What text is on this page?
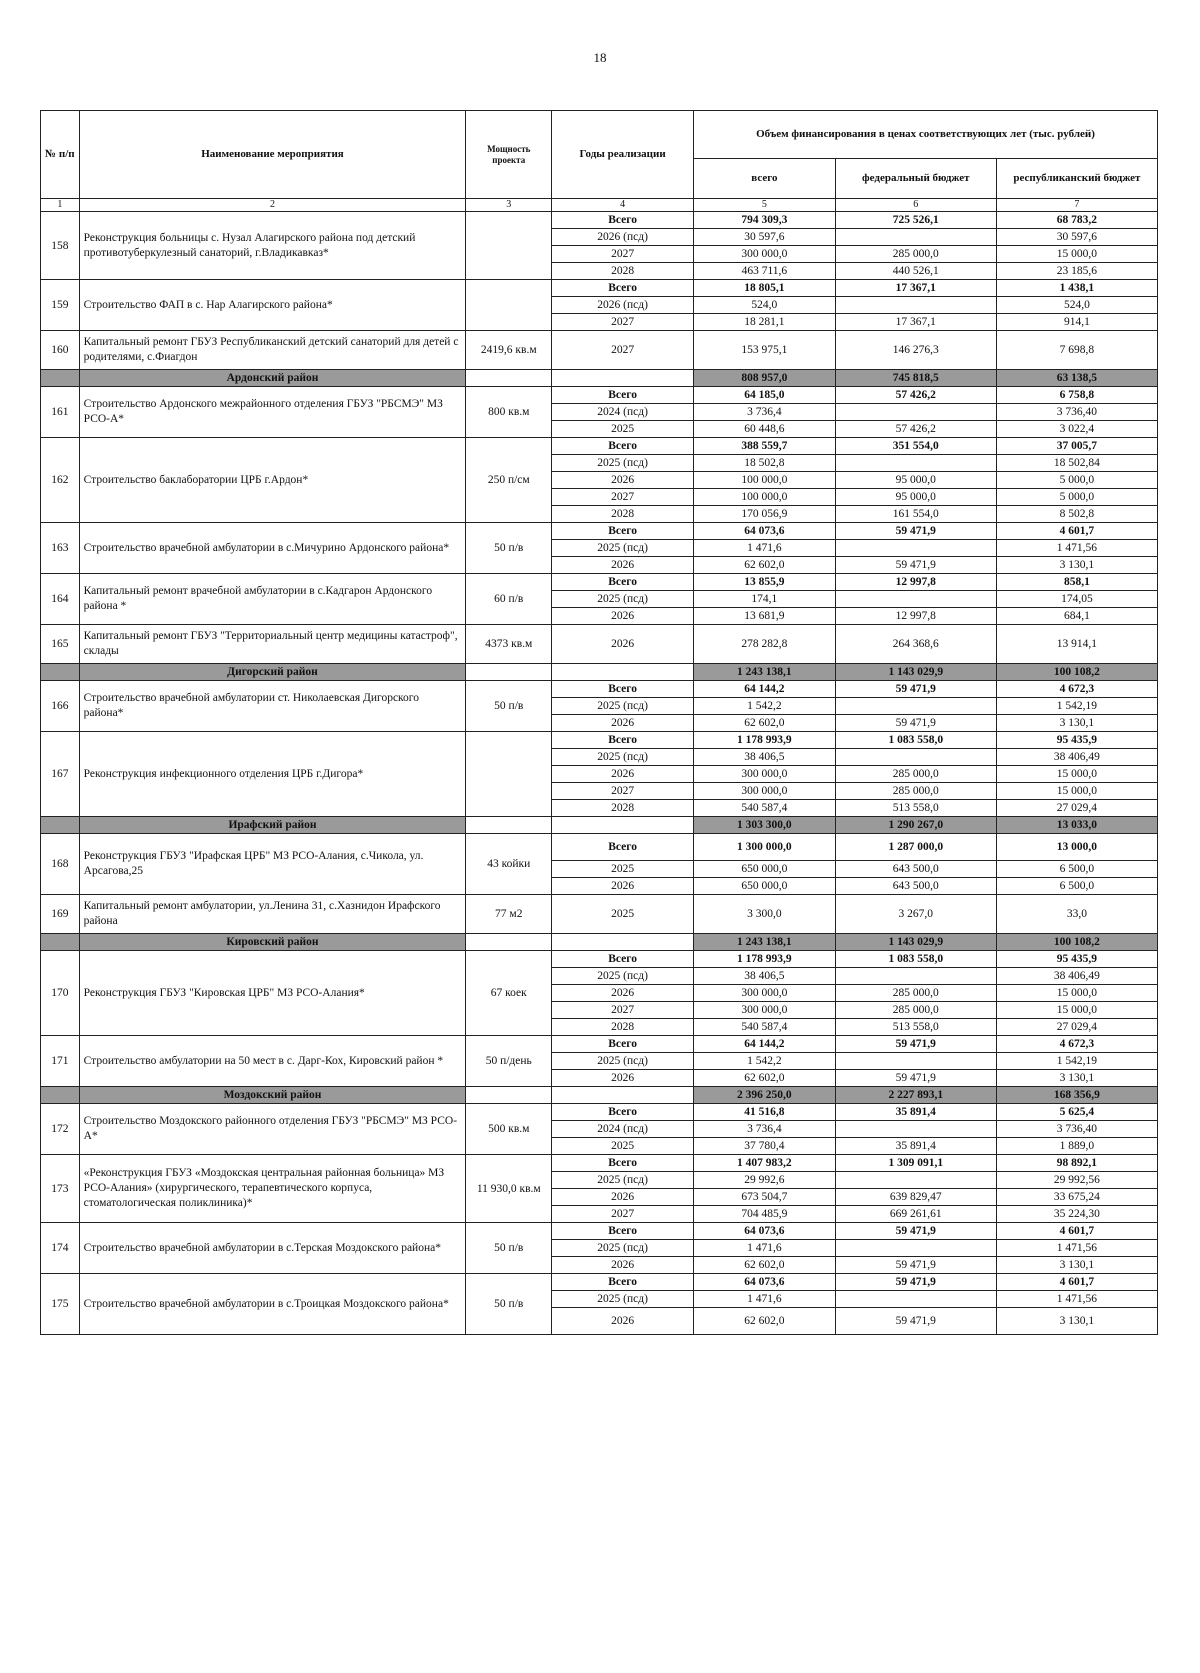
18
№ п/п	Наименование мероприятия	Мощность проекта	Годы реализации	Объем финансирования в ценах соответствующих лет (тыс. рублей)		
				всего	федеральный бюджет	республиканский бюджет
1	2	3	4	5	6	7
158	Реконструкция больницы с. Нузал Алагирского района под детский противотуберкулезный санаторий, г.Владикавказ*		Всего	794 309,3	725 526,1	68 783,2
			2026 (псд)	30 597,6		30 597,6
			2027	300 000,0	285 000,0	15 000,0
			2028	463 711,6	440 526,1	23 185,6
159	Строительство ФАП в с. Нар Алагирского района*		Всего	18 805,1	17 367,1	1 438,1
			2026 (псд)	524,0		524,0
			2027	18 281,1	17 367,1	914,1
160	Капитальный ремонт ГБУЗ Республиканский детский санаторий для детей с родителями, с.Фиагдон	2419,6 кв.м	2027	153 975,1	146 276,3	7 698,8
	Ардонский район			808 957,0	745 818,5	63 138,5
161	Строительство Ардонского межрайонного отделения ГБУЗ "РБСМЭ" МЗ РСО-А*	800 кв.м	Всего	64 185,0	57 426,2	6 758,8
			2024 (псд)	3 736,4		3 736,40
			2025	60 448,6	57 426,2	3 022,4
162	Строительство баклаборатории ЦРБ г.Ардон*	250 п/см	Всего	388 559,7	351 554,0	37 005,7
			2025 (псд)	18 502,8		18 502,84
			2026	100 000,0	95 000,0	5 000,0
			2027	100 000,0	95 000,0	5 000,0
			2028	170 056,9	161 554,0	8 502,8
163	Строительство врачебной амбулатории в с.Мичурино Ардонского района*	50 п/в	Всего	64 073,6	59 471,9	4 601,7
			2025 (псд)	1 471,6		1 471,56
			2026	62 602,0	59 471,9	3 130,1
164	Капитальный ремонт врачебной амбулатории в с.Кадгарон Ардонского района *	60 п/в	Всего	13 855,9	12 997,8	858,1
			2025 (псд)	174,1		174,05
			2026	13 681,9	12 997,8	684,1
165	Капитальный ремонт ГБУЗ "Территориальный центр медицины катастроф", склады	4373 кв.м	2026	278 282,8	264 368,6	13 914,1
	Дигорский район			1 243 138,1	1 143 029,9	100 108,2
166	Строительство врачебной амбулатории ст. Николаевская Дигорского района*	50 п/в	Всего	64 144,2	59 471,9	4 672,3
			2025 (псд)	1 542,2		1 542,19
			2026	62 602,0	59 471,9	3 130,1
167	Реконструкция инфекционного отделения ЦРБ г.Дигора*		Всего	1 178 993,9	1 083 558,0	95 435,9
			2025 (псд)	38 406,5		38 406,49
			2026	300 000,0	285 000,0	15 000,0
			2027	300 000,0	285 000,0	15 000,0
			2028	540 587,4	513 558,0	27 029,4
	Ирафский район			1 303 300,0	1 290 267,0	13 033,0
168	Реконструкция ГБУЗ "Ирафская ЦРБ" МЗ РСО-Алания, с.Чикола, ул. Арсагова,25	43 койки	Всего	1 300 000,0	1 287 000,0	13 000,0
			2025	650 000,0	643 500,0	6 500,0
			2026	650 000,0	643 500,0	6 500,0
169	Капитальный ремонт амбулатории, ул.Ленина 31, с.Хазнидон Ирафского района	77 м2	2025	3 300,0	3 267,0	33,0
	Кировский район			1 243 138,1	1 143 029,9	100 108,2
170	Реконструкция ГБУЗ "Кировская ЦРБ" МЗ РСО-Алания*	67 коек	Всего	1 178 993,9	1 083 558,0	95 435,9
			2025 (псд)	38 406,5		38 406,49
			2026	300 000,0	285 000,0	15 000,0
			2027	300 000,0	285 000,0	15 000,0
			2028	540 587,4	513 558,0	27 029,4
171	Строительство амбулатории на 50 мест в с. Дарг-Кох, Кировский район *	50 п/день	Всего	64 144,2	59 471,9	4 672,3
			2025 (псд)	1 542,2		1 542,19
			2026	62 602,0	59 471,9	3 130,1
	Моздокский район			2 396 250,0	2 227 893,1	168 356,9
172	Строительство Моздокского районного отделения ГБУЗ "РБСМЭ" МЗ РСО-А*	500 кв.м	Всего	41 516,8	35 891,4	5 625,4
			2024 (псд)	3 736,4		3 736,40
			2025	37 780,4	35 891,4	1 889,0
173	«Реконструкция ГБУЗ «Моздокская центральная районная больница» МЗ РСО-Алания» (хирургического, терапевтического корпуса, стоматологическая поликлиника)*	11 930,0 кв.м	Всего	1 407 983,2	1 309 091,1	98 892,1
			2025 (псд)	29 992,6		29 992,56
			2026	673 504,7	639 829,47	33 675,24
			2027	704 485,9	669 261,61	35 224,30
174	Строительство врачебной амбулатории в с.Терская Моздокского района*	50 п/в	Всего	64 073,6	59 471,9	4 601,7
			2025 (псд)	1 471,6		1 471,56
			2026	62 602,0	59 471,9	3 130,1
175	Строительство врачебной амбулатории в с.Троицкая Моздокского района*	50 п/в	Всего	64 073,6	59 471,9	4 601,7
			2025 (псд)	1 471,6		1 471,56
			2026	62 602,0	59 471,9	3 130,1
